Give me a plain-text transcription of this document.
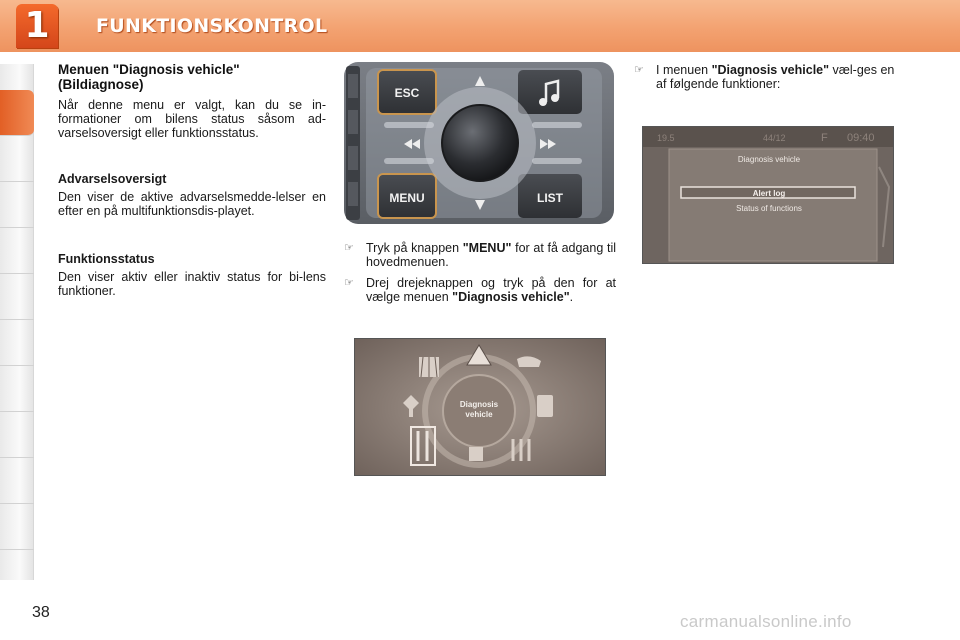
1	FUNKTIONSKONTROL
Menuen "Diagnosis vehicle" (Bildiagnose)
Når denne menu er valgt, kan du se in-formationer om bilens status såsom ad-varselsoversigt eller funktionsstatus.
Advarselsoversigt
Den viser de aktive advarselsmedde-lelser en efter en på multifunktionsdis-playet.
Funktionsstatus
Den viser aktiv eller inaktiv status for bi-lens funktioner.
ESC
MENU	LIST
☞ Tryk på knappen "MENU" for at få adgang til hovedmenuen.
☞ Drej drejeknappen og tryk på den for at vælge menuen "Diagnosis vehicle".
Diagnosis
vehicle
☞ I menuen "Diagnosis vehicle" væl-ges en af følgende funktioner:
19.5	44/12	F 09:40
Diagnosis vehicle
Alert log
Status of functions
38	carmanualsonline.info
